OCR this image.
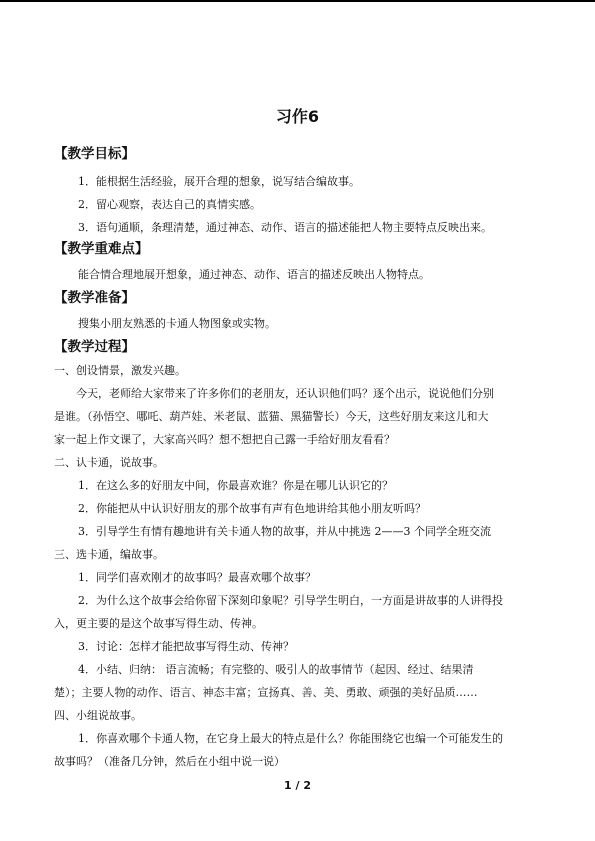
习作6
【教学目标】
1．能根据生活经验，展开合理的想象，说写结合编故事。
2．留心观察，表达自己的真情实感。
3．语句通顺，条理清楚，通过神态、动作、语言的描述能把人物主要特点反映出来。
【教学重难点】
能合情合理地展开想象，通过神态、动作、语言的描述反映出人物特点。
【教学准备】
搜集小朋友熟悉的卡通人物图象或实物。
【教学过程】
一、创设情景，激发兴趣。
今天，老师给大家带来了许多你们的老朋友，还认识他们吗？逐个出示，说说他们分别
是谁。（孙悟空、哪吒、葫芦娃、米老鼠、蓝猫、黑猫警长）今天，这些好朋友来这儿和大
家一起上作文课了，大家高兴吗？想不想把自己露一手给好朋友看看？
二、认卡通，说故事。
1．在这么多的好朋友中间，你最喜欢谁？你是在哪儿认识它的？
2．你能把从中认识好朋友的那个故事有声有色地讲给其他小朋友听吗？
3．引导学生有情有趣地讲有关卡通人物的故事，并从中挑选 2——3 个同学全班交流
三、选卡通，编故事。
1．同学们喜欢刚才的故事吗？最喜欢哪个故事？
2．为什么这个故事会给你留下深刻印象呢？引导学生明白，一方面是讲故事的人讲得投
入，更主要的是这个故事写得生动、传神。
3．讨论：怎样才能把故事写得生动、传神？
4．小结、归纳： 语言流畅；有完整的、吸引人的故事情节（起因、经过、结果清
楚）；主要人物的动作、语言、神态丰富；宣扬真、善、美、勇敢、顽强的美好品质……
四、小组说故事。
1．你喜欢哪个卡通人物，在它身上最大的特点是什么？你能围绕它也编一个可能发生的
故事吗？（准备几分钟，然后在小组中说一说）
1 / 2
